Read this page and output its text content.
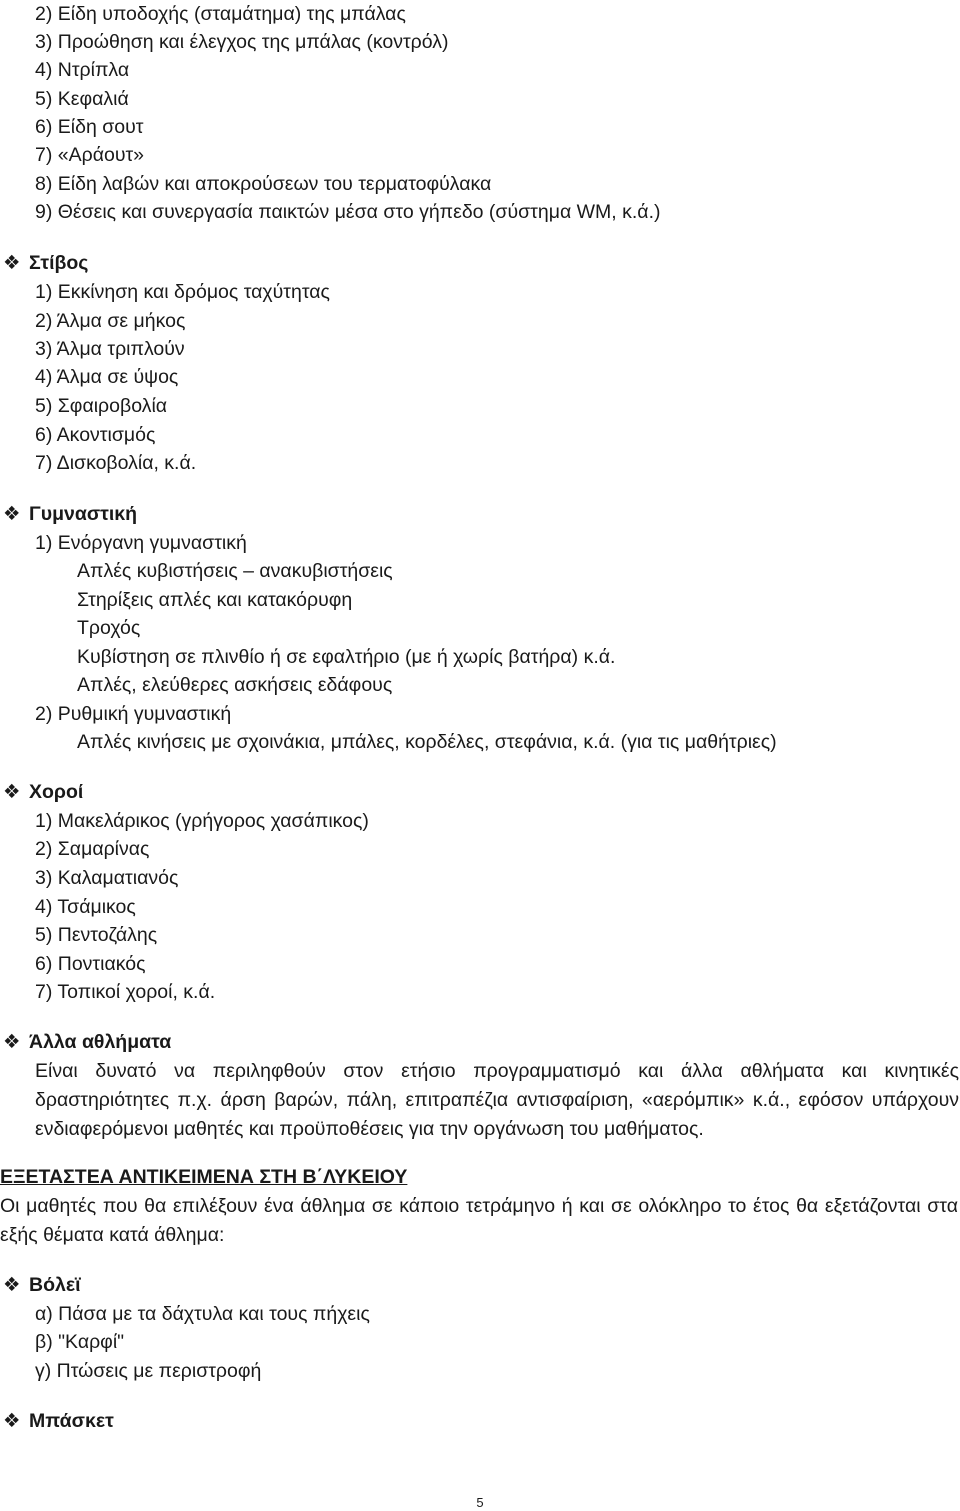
2) Είδη υποδοχής (σταμάτημα) της μπάλας
3) Προώθηση και έλεγχος της μπάλας (κοντρόλ)
4) Ντρίπλα
5) Κεφαλιά
6) Είδη σουτ
7) «Αράουτ»
8) Είδη λαβών και αποκρούσεων του τερματοφύλακα
9) Θέσεις και συνεργασία παικτών μέσα στο γήπεδο (σύστημα WM, κ.ά.)
❖ Στίβος
1) Εκκίνηση και δρόμος ταχύτητας
2) Άλμα σε μήκος
3) Άλμα τριπλούν
4) Άλμα σε ύψος
5) Σφαιροβολία
6) Ακοντισμός
7) Δισκοβολία, κ.ά.
❖ Γυμναστική
1) Ενόργανη γυμναστική
Απλές κυβιστήσεις – ανακυβιστήσεις
Στηρίξεις απλές και κατακόρυφη
Τροχός
Κυβίστηση σε πλινθίο ή σε εφαλτήριο (με ή χωρίς βατήρα) κ.ά.
Απλές, ελεύθερες ασκήσεις εδάφους
2) Ρυθμική γυμναστική
Απλές κινήσεις με σχοινάκια, μπάλες, κορδέλες, στεφάνια, κ.ά. (για τις μαθήτριες)
❖ Χοροί
1) Μακελάρικος (γρήγορος χασάπικος)
2) Σαμαρίνας
3) Καλαματιανός
4) Τσάμικος
5) Πεντοζάλης
6) Ποντιακός
7) Τοπικοί χοροί, κ.ά.
❖ Άλλα αθλήματα
Είναι δυνατό να περιληφθούν στον ετήσιο προγραμματισμό και άλλα αθλήματα και κινητικές δραστηριότητες π.χ. άρση βαρών, πάλη, επιτραπέζια αντισφαίριση, «αερόμπικ» κ.ά., εφόσον υπάρχουν ενδιαφερόμενοι μαθητές και προϋποθέσεις για την οργάνωση του μαθήματος.
ΕΞΕΤΑΣΤΕΑ ΑΝΤΙΚΕΙΜΕΝΑ ΣΤΗ Β΄ΛΥΚΕΙΟΥ
Οι μαθητές που θα επιλέξουν ένα άθλημα σε κάποιο τετράμηνο ή και σε ολόκληρο το έτος θα εξετάζονται στα εξής θέματα κατά άθλημα:
❖ Βόλεϊ
α) Πάσα με τα δάχτυλα και τους πήχεις
β) "Καρφί"
γ) Πτώσεις με περιστροφή
❖ Μπάσκετ
5
